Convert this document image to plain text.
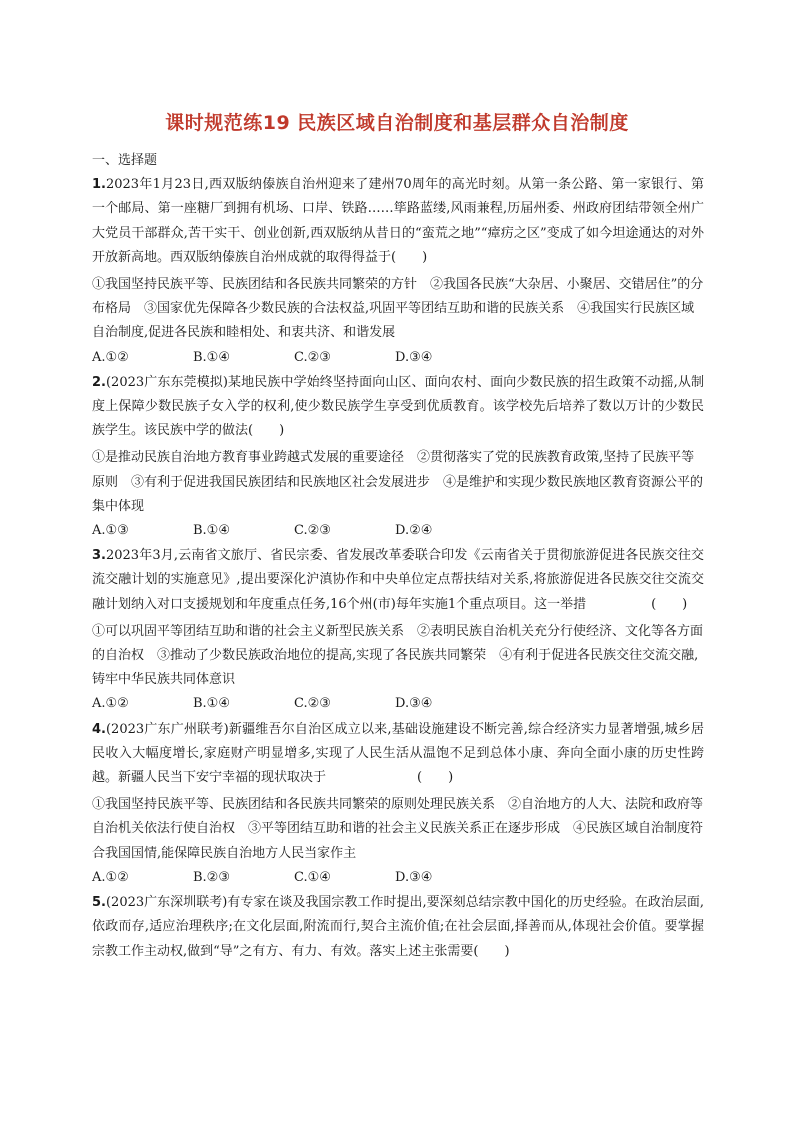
课时规范练19 民族区域自治制度和基层群众自治制度

一、选择题

1.2023年1月23日,西双版纳傣族自治州迎来了建州70周年的高光时刻。从第一条公路、第一家银行、第一个邮局、第一座糖厂到拥有机场、口岸、铁路……筚路蓝缕,风雨兼程,历届州委、州政府团结带领全州广大党员干部群众,苦干实干、创业创新,西双版纳从昔日的“蛮荒之地”“瘴疠之区”变成了如今坦途通达的对外开放新高地。西双版纳傣族自治州成就的取得得益于(　　)

①我国坚持民族平等、民族团结和各民族共同繁荣的方针　②我国各民族“大杂居、小聚居、交错居住”的分布格局　③国家优先保障各少数民族的合法权益,巩固平等团结互助和谐的民族关系　④我国实行民族区域自治制度,促进各民族和睦相处、和衷共济、和谐发展

A.①②	B.①④	C.②③	D.③④

2.(2023广东东莞模拟)某地民族中学始终坚持面向山区、面向农村、面向少数民族的招生政策不动摇,从制度上保障少数民族子女入学的权利,使少数民族学生享受到优质教育。该学校先后培养了数以万计的少数民族学生。该民族中学的做法(　　)

①是推动民族自治地方教育事业跨越式发展的重要途径　②贯彻落实了党的民族教育政策,坚持了民族平等原则　③有利于促进我国民族团结和民族地区社会发展进步　④是维护和实现少数民族地区教育资源公平的集中体现

A.①③	B.①④	C.②③	D.②④

3.2023年3月,云南省文旅厅、省民宗委、省发展改革委联合印发《云南省关于贯彻旅游促进各民族交往交流交融计划的实施意见》,提出要深化沪滇协作和中央单位定点帮扶结对关系,将旅游促进各民族交往交流交融计划纳入对口支援规划和年度重点任务,16个州(市)每年实施1个重点项目。这一举措　　　　　(　　)

①可以巩固平等团结互助和谐的社会主义新型民族关系　②表明民族自治机关充分行使经济、文化等各方面的自治权　③推动了少数民族政治地位的提高,实现了各民族共同繁荣　④有利于促进各民族交往交流交融,铸牢中华民族共同体意识

A.①②	B.①④	C.②③	D.③④

4.(2023广东广州联考)新疆维吾尔自治区成立以来,基础设施建设不断完善,综合经济实力显著增强,城乡居民收入大幅度增长,家庭财产明显增多,实现了人民生活从温饱不足到总体小康、奔向全面小康的历史性跨越。新疆人民当下安宁幸福的现状取决于　　　　　　　(　　)

①我国坚持民族平等、民族团结和各民族共同繁荣的原则处理民族关系　②自治地方的人大、法院和政府等自治机关依法行使自治权　③平等团结互助和谐的社会主义民族关系正在逐步形成　④民族区域自治制度符合我国国情,能保障民族自治地方人民当家作主

A.①②	B.②③	C.①④	D.③④

5.(2023广东深圳联考)有专家在谈及我国宗教工作时提出,要深刻总结宗教中国化的历史经验。在政治层面,依政而存,适应治理秩序;在文化层面,附流而行,契合主流价值;在社会层面,择善而从,体现社会价值。要掌握宗教工作主动权,做到“导”之有方、有力、有效。落实上述主张需要(　　)
